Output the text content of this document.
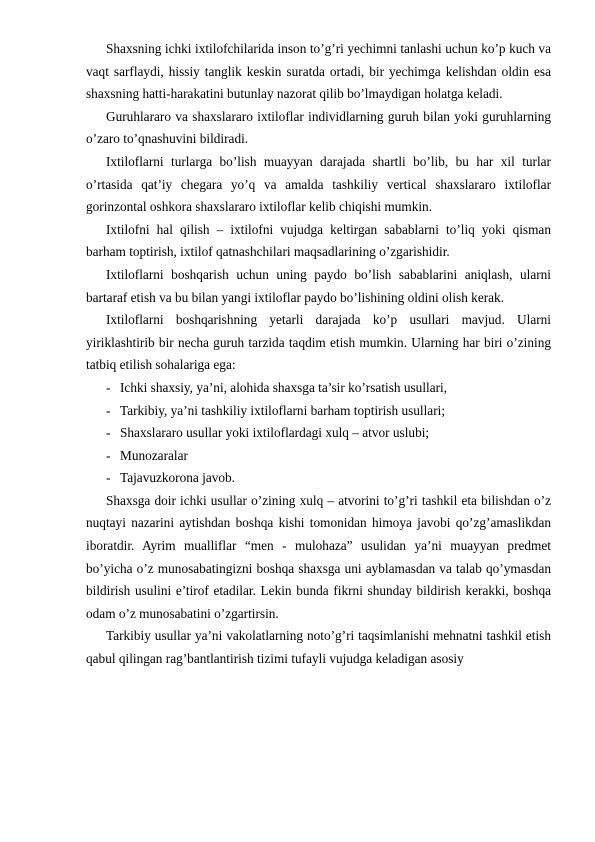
Shaxsning ichki ixtilofchilarida inson to’g’ri yechimni tanlashi uchun ko’p kuch va vaqt sarflaydi, hissiy tanglik keskin suratda ortadi, bir yechimga kelishdan oldin esa shaxsning hatti-harakatini butunlay nazorat qilib bo’lmaydigan holatga keladi.

Guruhlararo va shaxslararo ixtiloflar individlarning guruh bilan yoki guruhlarning o’zaro to’qnashuvini bildiradi.

Ixtiloflarni turlarga bo’lish muayyan darajada shartli bo’lib, bu har xil turlar o’rtasida qat’iy chegara yo’q va amalda tashkiliy vertical shaxslararo ixtiloflar gorinzontal oshkora shaxslararo ixtiloflar kelib chiqishi mumkin.

Ixtilofni hal qilish – ixtilofni vujudga keltirgan sabablarni to’liq yoki qisman barham toptirish, ixtilof qatnashchilari maqsadlarining o’zgarishidir.

Ixtiloflarni boshqarish uchun uning paydo bo’lish sabablarini aniqlash, ularni bartaraf etish va bu bilan yangi ixtiloflar paydo bo’lishining oldini olish kerak.

Ixtiloflarni boshqarishning yetarli darajada ko’p usullari mavjud. Ularni yiriklashtirib bir necha guruh tarzida taqdim etish mumkin. Ularning har biri o’zining tatbiq etilish sohalariga ega:

- Ichki shaxsiy, ya’ni, alohida shaxsga ta’sir ko’rsatish usullari,
- Tarkibiy, ya’ni tashkiliy ixtiloflarni barham toptirish usullari;
- Shaxslararo usullar yoki ixtiloflardagi xulq – atvor uslubi;
- Munozaralar
- Tajavuzkorona javob.

Shaxsga doir ichki usullar o’zining xulq – atvorini to’g’ri tashkil eta bilishdan o’z nuqtayi nazarini aytishdan boshqa kishi tomonidan himoya javobi qo’zg’amaslikdan iboratdir. Ayrim mualliflar “men - mulohaza” usulidan ya’ni muayyan predmet bo’yicha o’z munosabatingizni boshqa shaxsga uni ayblamasdan va talab qo’ymasdan bildirish usulini e’tirof etadilar. Lekin bunda fikrni shunday bildirish kerakki, boshqa odam o’z munosabatini o’zgartirsin.

Tarkibiy usullar ya’ni vakolatlarning noto’g’ri taqsimlanishi mehnatni tashkil etish qabul qilingan rag’bantlantirish tizimi tufayli vujudga keladigan asosiy
